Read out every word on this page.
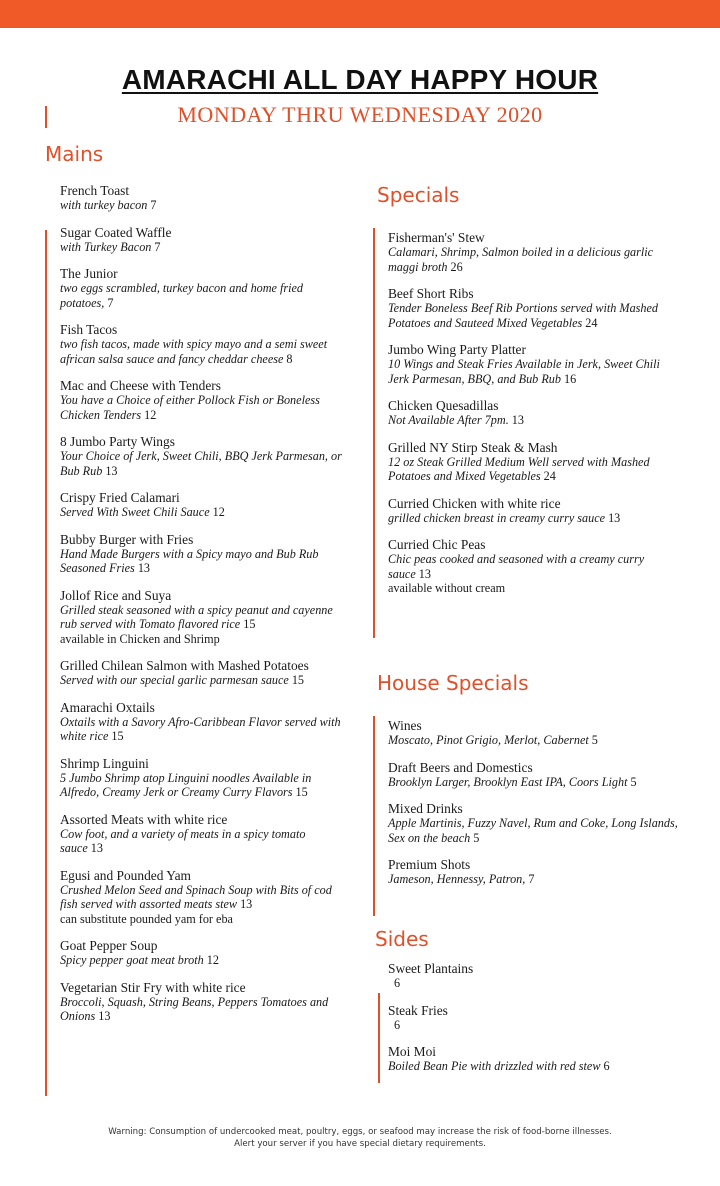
AMARACHI ALL DAY HAPPY HOUR
MONDAY THRU WEDNESDAY 2020
Mains
French Toast
with turkey bacon 7
Sugar Coated Waffle
with Turkey Bacon 7
The Junior
two eggs scrambled, turkey bacon and home fried potatoes, 7
Fish Tacos
two fish tacos, made with spicy mayo and a semi sweet african salsa sauce and fancy cheddar cheese 8
Mac and Cheese with Tenders
You have a Choice of either Pollock Fish or Boneless Chicken Tenders 12
8 Jumbo Party Wings
Your Choice of Jerk, Sweet Chili, BBQ Jerk Parmesan, or Bub Rub 13
Crispy Fried Calamari
Served With Sweet Chili Sauce 12
Bubby Burger with Fries
Hand Made Burgers with a Spicy mayo and Bub Rub Seasoned Fries 13
Jollof Rice and Suya
Grilled steak seasoned with a spicy peanut and cayenne rub served with Tomato flavored rice 15
available in Chicken and Shrimp
Grilled Chilean Salmon with Mashed Potatoes
Served with our special garlic parmesan sauce 15
Amarachi Oxtails
Oxtails with a Savory Afro-Caribbean Flavor served with white rice 15
Shrimp Linguini
5 Jumbo Shrimp atop Linguini noodles Available in Alfredo, Creamy Jerk or Creamy Curry Flavors 15
Assorted Meats with white rice
Cow foot, and a variety of meats in a spicy tomato sauce 13
Egusi and Pounded Yam
Crushed Melon Seed and Spinach Soup with Bits of cod fish served with assorted meats stew 13
can substitute pounded yam for eba
Goat Pepper Soup
Spicy pepper goat meat broth 12
Vegetarian Stir Fry with white rice
Broccoli, Squash, String Beans, Peppers Tomatoes and Onions 13
Specials
Fisherman's' Stew
Calamari, Shrimp, Salmon boiled in a delicious garlic maggi broth 26
Beef Short Ribs
Tender Boneless Beef Rib Portions served with Mashed Potatoes and Sauteed Mixed Vegetables 24
Jumbo Wing Party Platter
10 Wings and Steak Fries Available in Jerk, Sweet Chili Jerk Parmesan, BBQ, and Bub Rub 16
Chicken Quesadillas
Not Available After 7pm. 13
Grilled NY Stirp Steak & Mash
12 oz Steak Grilled Medium Well served with Mashed Potatoes and Mixed Vegetables 24
Curried Chicken with white rice
grilled chicken breast in creamy curry sauce 13
Curried Chic Peas
Chic peas cooked and seasoned with a creamy curry sauce 13
available without cream
House Specials
Wines
Moscato, Pinot Grigio, Merlot, Cabernet 5
Draft Beers and Domestics
Brooklyn Larger, Brooklyn East IPA, Coors Light 5
Mixed Drinks
Apple Martinis, Fuzzy Navel, Rum and Coke, Long Islands, Sex on the beach 5
Premium Shots
Jameson, Hennessy, Patron, 7
Sides
Sweet Plantains
6
Steak Fries
6
Moi Moi
Boiled Bean Pie with drizzled with red stew 6
Warning: Consumption of undercooked meat, poultry, eggs, or seafood may increase the risk of food-borne illnesses.
Alert your server if you have special dietary requirements.
